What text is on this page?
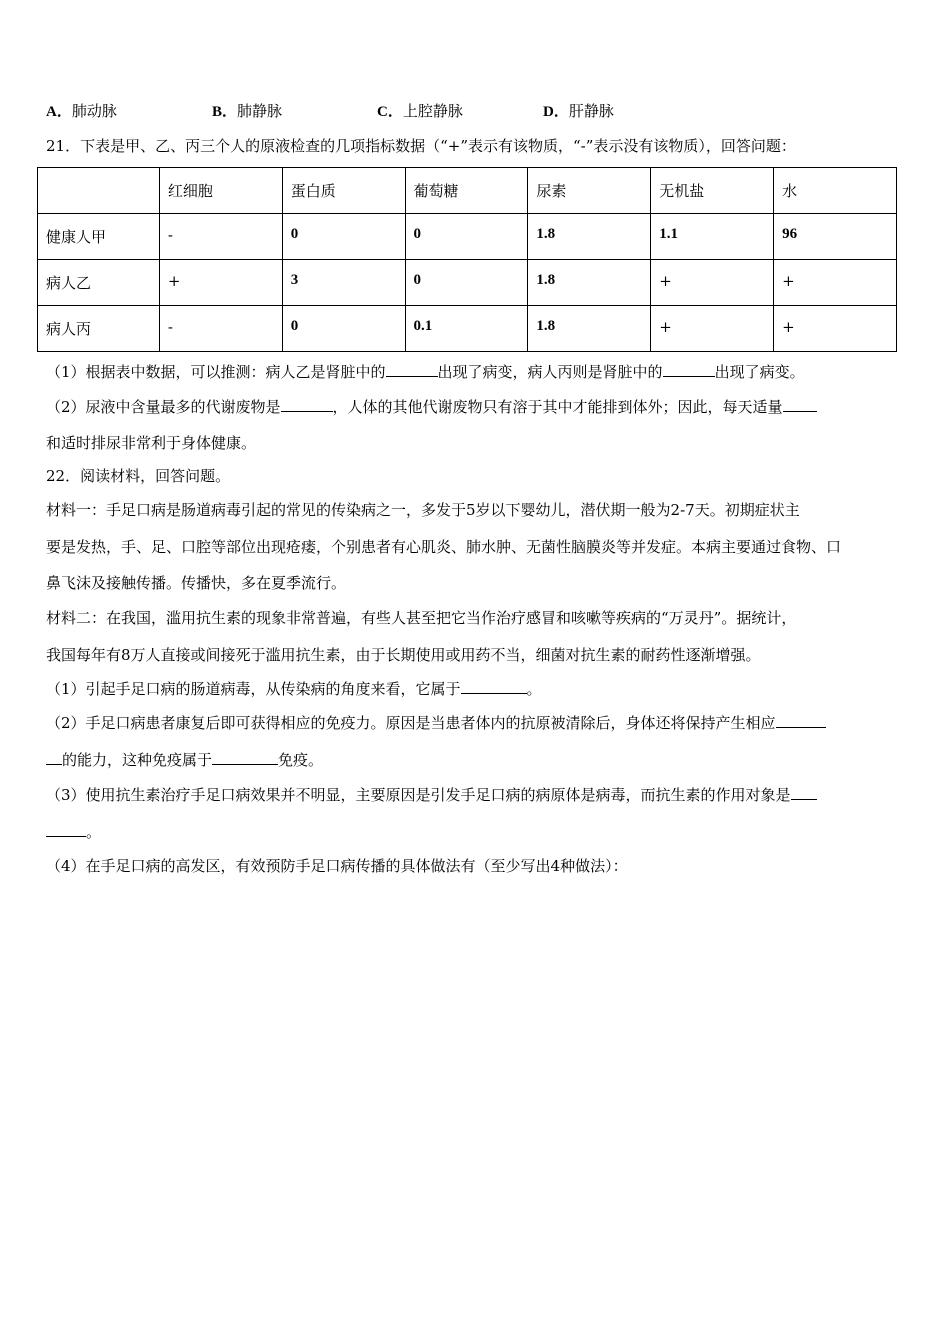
A．肺动脉	B．肺静脉	C．上腔静脉	D．肝静脉
21．下表是甲、乙、丙三个人的原液检查的几项指标数据（“+”表示有该物质，“-”表示没有该物质），回答问题：
	红细胞	蛋白质	葡萄糖	尿素	无机盐	水
健康人甲	-	0	0	1.8	1.1	96
病人乙	+	3	0	1.8	+	+
病人丙	-	0	0.1	1.8	+	+
（1）根据表中数据，可以推测：病人乙是肾脏中的	出现了病变，病人丙则是肾脏中的	出现了病变。
（2）尿液中含量最多的代谢废物是	，人体的其他代谢废物只有溶于其中才能排到体外；因此，每天适量
和适时排尿非常利于身体健康。
22．阅读材料，回答问题。
材料一：手足口病是肠道病毒引起的常见的传染病之一，多发于5岁以下婴幼儿，潜伏期一般为2-7天。初期症状主
要是发热，手、足、口腔等部位出现疮瘘，个别患者有心肌炎、肺水肿、无菌性脑膜炎等并发症。本病主要通过食物、口
鼻飞沫及接触传播。传播快，多在夏季流行。
材料二：在我国，滥用抗生素的现象非常普遍，有些人甚至把它当作治疗感冒和咳嗽等疾病的“万灵丹”。据统计，
我国每年有8万人直接或间接死于滥用抗生素，由于长期使用或用药不当，细菌对抗生素的耐药性逐渐增强。
（1）引起手足口病的肠道病毒，从传染病的角度来看，它属于	。
（2）手足口病患者康复后即可获得相应的免疫力。原因是当患者体内的抗原被清除后，身体还将保持产生相应
的能力，这种免疫属于	免疫。
（3）使用抗生素治疗手足口病效果并不明显，主要原因是引发手足口病的病原体是病毒，而抗生素的作用对象是
。
（4）在手足口病的高发区，有效预防手足口病传播的具体做法有（至少写出4种做法）：
